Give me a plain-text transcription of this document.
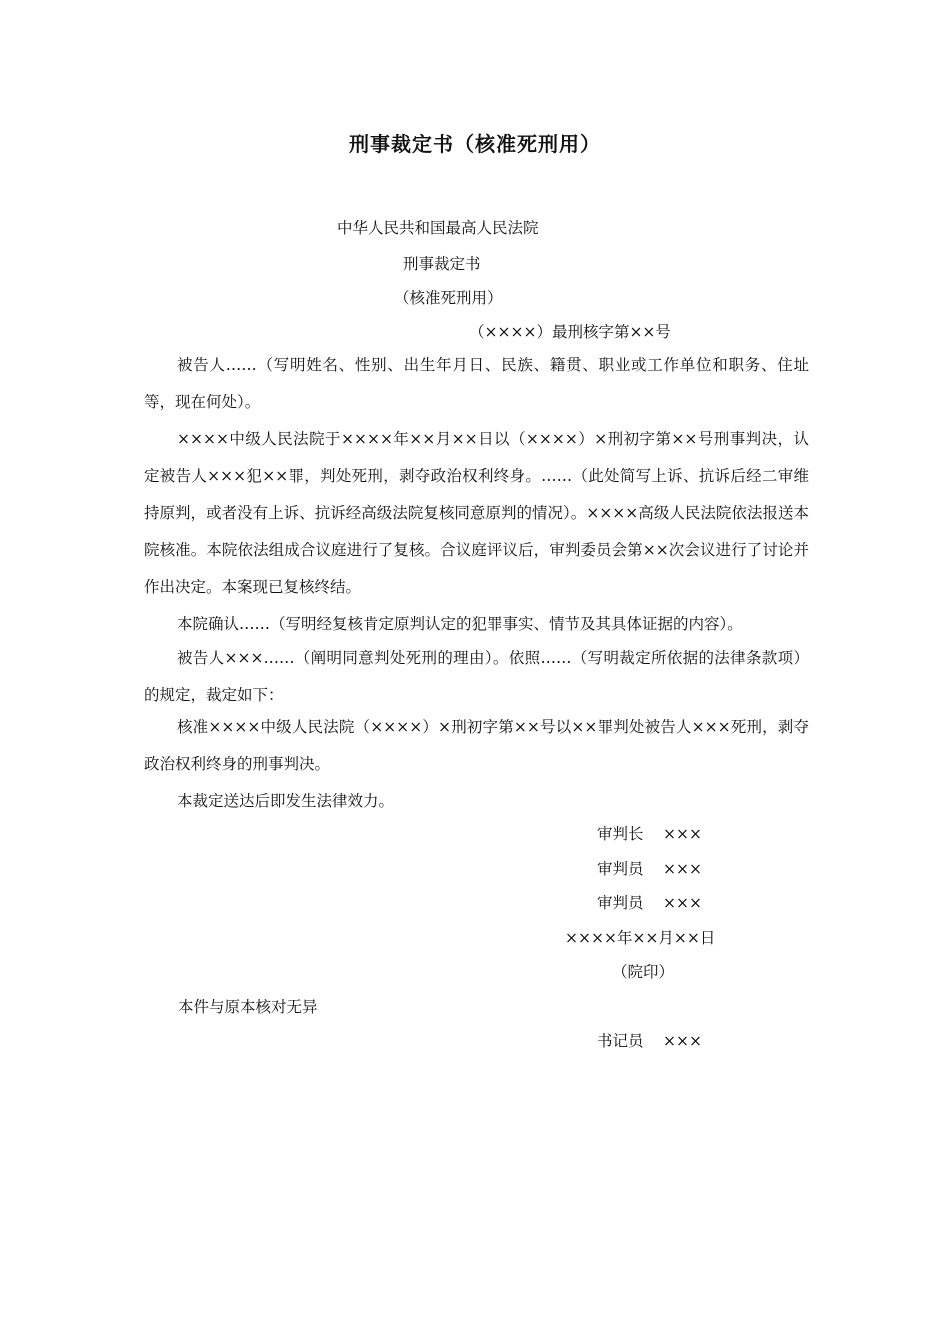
刑事裁定书（核准死刑用）
中华人民共和国最高人民法院
刑事裁定书
（核准死刑用）
（××××）最刑核字第××号

被告人……（写明姓名、性别、出生年月日、民族、籍贯、职业或工作单位和职务、住址等，现在何处）。

××××中级人民法院于××××年××月××日以（××××）×刑初字第××号刑事判决，认定被告人×××犯××罪，判处死刑，剥夺政治权利终身。……（此处简写上诉、抗诉后经二审维持原判，或者没有上诉、抗诉经高级法院复核同意原判的情况）。××××高级人民法院依法报送本院核准。本院依法组成合议庭进行了复核。合议庭评议后，审判委员会第××次会议进行了讨论并作出决定。本案现已复核终结。

本院确认……（写明经复核肯定原判认定的犯罪事实、情节及其具体证据的内容）。

被告人×××……（阐明同意判处死刑的理由）。依照……（写明裁定所依据的法律条款项）的规定，裁定如下：

核准××××中级人民法院（××××）×刑初字第××号以××罪判处被告人×××死刑，剥夺政治权利终身的刑事判决。

本裁定送达后即发生法律效力。

审判长 ×××
审判员 ×××
审判员 ×××
××××年××月××日
（院印）
本件与原本核对无异
书记员 ×××
